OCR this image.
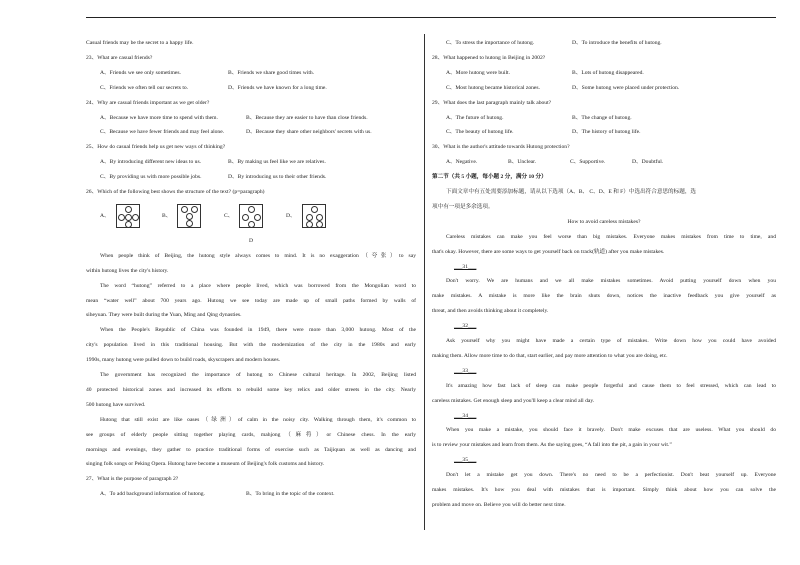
Casual friends may be the secret to a happy life.
23、What are casual friends?
A、Friends we see only sometimes.	B、Friends we share good times with.
C、Friends we often tell our secrets to.	D、Friends we have known for a long time.
24、Why are casual friends important as we get older?
A、Because we have more time to spend with them.	B、Because they are easier to have than close friends.
C、Because we have fewer friends and may feel alone.	D、Because they share other neighbors' secrets with us.
25、How do casual friends help us get new ways of thinking?
A、By introducing different new ideas to us.	B、By making us feel like we are relatives.
C、By providing us with more possible jobs.	D、By introducing us to their other friends.
26、Which of the following best shows the structure of the text? (p=paragraph)
A、	B、	C、	D、
D
When people think of Beijing, the hutong style always comes to mind. It is no exaggeration（夸张）to say
within hutong lives the city's history.
The word “hutong” referred to a place where people lived, which was borrowed from the Mongolian word to
mean “water well” about 700 years ago. Hutong we see today are made up of small paths formed by walls of
siheyuan. They were built during the Yuan, Ming and Qing dynasties.
When the People's Republic of China was founded in 1949, there were more than 3,000 hutong. Most of the
city's population lived in this traditional housing. But with the modernization of the city in the 1980s and early
1990s, many hutong were pulled down to build roads, skyscrapers and modern houses.
The government has recognized the importance of hutong to Chinese cultural heritage. In 2002, Beijing listed
40 protected historical zones and increased its efforts to rebuild some key relics and older streets in the city. Nearly
500 hutong have survived.
Hutong that still exist are like oases（绿洲）of calm in the noisy city. Walking through them, it's common to
see groups of elderly people sitting together playing cards, mahjong（麻将）or Chinese chess. In the early
mornings and evenings, they gather to practice traditional forms of exercise such as Taijiquan as well as dancing and
singing folk songs or Peking Opera. Hutong have become a museum of Beijing's folk customs and history.
27、What is the purpose of paragraph 2?
A、To add background information of hutong.	B、To bring in the topic of the context.
C、To stress the importance of hutong.	D、To introduce the benefits of hutong.
28、What happened to hutong in Beijing in 2002?
A、More hutong were built.	B、Lots of hutong disappeared.
C、Most hutong became historical zones.	D、Some hutong were placed under protection.
29、What does the last paragraph mainly talk about?
A、The future of hutong.	B、The change of hutong.
C、The beauty of hutong life.	D、The history of hutong life.
30、What is the author's attitude towards Hutong protection?
A、Negative.	B、Unclear.	C、Supportive.	D、Doubtful.
第二节（共 5 小题，每小题 2 分，满分 10 分）
下面文章中有五处需要添加标题，请从以下选项（A、B、 C、D、E 和 F）中选出符合意思的标题，选
项中有一项是多余选项。
How to avoid careless mistakes?
Careless mistakes can make you feel worse than big mistakes. Everyone makes mistakes from time to time, and
that's okay. However, there are some ways to get yourself back on track(轨道) after you make mistakes.
___31___
Don't worry. We are humans and we all make mistakes sometimes. Avoid putting yourself down when you
make mistakes. A mistake is more like the brain shuts down, notices the inactive feedback you give yourself as
threat, and then avoids thinking about it completely.
___32___
Ask yourself why you might have made a certain type of mistakes. Write down how you could have avoided
making them. Allow more time to do that, start earlier, and pay more attention to what you are doing, etc.
___33___
It's amazing how fast lack of sleep can make people forgetful and cause them to feel stressed, which can lead to
careless mistakes. Get enough sleep and you'll keep a clear mind all day.
___34___
When you make a mistake, you should face it bravely. Don't make excuses that are useless. What you should do
is to review your mistakes and learn from them. As the saying goes, “A fall into the pit, a gain in your wit.”
___35___
Don't let a mistake get you down. There's no need to be a perfectionist. Don't beat yourself up. Everyone
makes mistakes. It's how you deal with mistakes that is important. Simply think about how you can solve the
problem and move on. Believe you will do better next time.
